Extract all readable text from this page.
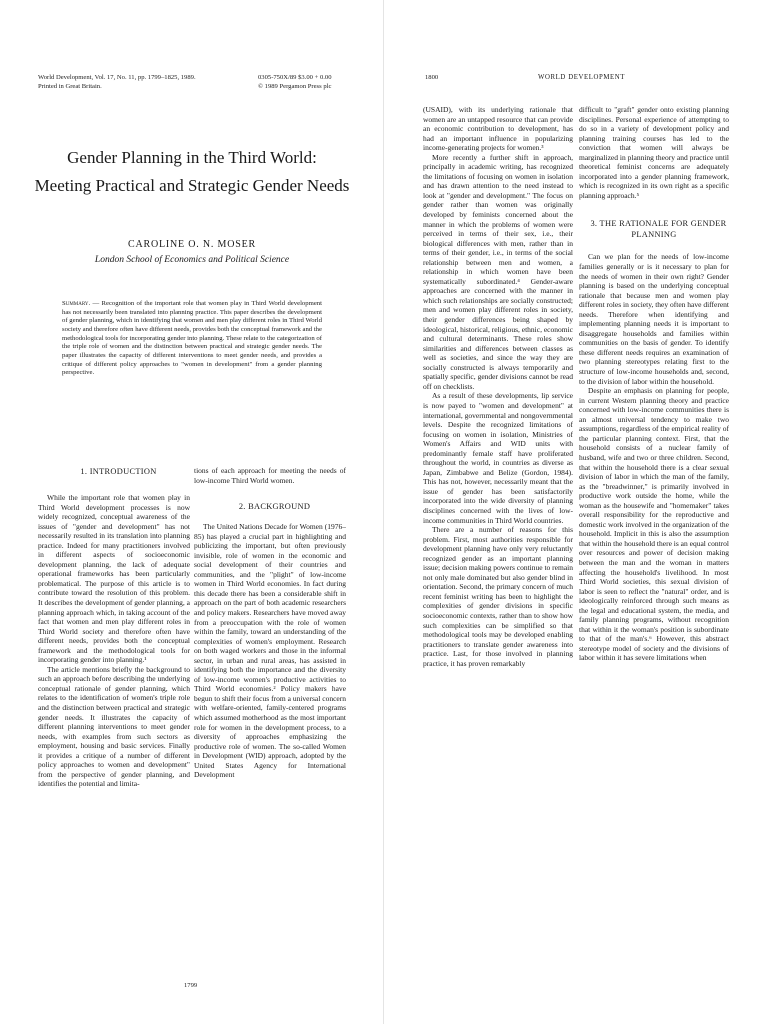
World Development, Vol. 17, No. 11, pp. 1799–1825, 1989.
Printed in Great Britain.
0305-750X/89 $3.00 + 0.00
© 1989 Pergamon Press plc
Gender Planning in the Third World:
Meeting Practical and Strategic Gender Needs
CAROLINE O. N. MOSER
London School of Economics and Political Science
Summary. — Recognition of the important role that women play in Third World development has not necessarily been translated into planning practice. This paper describes the development of gender planning, which in identifying that women and men play different roles in Third World society and therefore often have different needs, provides both the conceptual framework and the methodological tools for incorporating gender into planning. These relate to the categorization of the triple role of women and the distinction between practical and strategic gender needs. The paper illustrates the capacity of different interventions to meet gender needs, and provides a critique of different policy approaches to "women in development" from a gender planning perspective.

1. INTRODUCTION

While the important role that women play in Third World development processes is now widely recognized, conceptual awareness of the issues of "gender and development" has not necessarily resulted in its translation into planning practice. Indeed for many practitioners involved in different aspects of socioeconomic development planning, the lack of adequate operational frameworks has been particularly problematical. The purpose of this article is to contribute toward the resolution of this problem. It describes the development of gender planning, a planning approach which, in taking account of the fact that women and men play different roles in Third World society and therefore often have different needs, provides both the conceptual framework and the methodological tools for incorporating gender into planning.¹

The article mentions briefly the background to such an approach before describing the underlying conceptual rationale of gender planning, which relates to the identification of women's triple role and the distinction between practical and strategic gender needs. It illustrates the capacity of different planning interventions to meet gender needs, with examples from such sectors as employment, housing and basic services. Finally it provides a critique of a number of different policy approaches to women and development" from the perspective of gender planning, and identifies the potential and limita-

tions of each approach for meeting the needs of low-income Third World women.

2. BACKGROUND

The United Nations Decade for Women (1976–85) has played a crucial part in highlighting and publicizing the important, but often previously invisible, role of women in the economic and social development of their countries and communities, and the "plight" of low-income women in Third World economies. In fact during this decade there has been a considerable shift in approach on the part of both academic researchers and policy makers. Researchers have moved away from a preoccupation with the role of women within the family, toward an understanding of the complexities of women's employment. Research on both waged workers and those in the informal sector, in urban and rural areas, has assisted in identifying both the importance and the diversity of low-income women's productive activities to Third World economies.² Policy makers have begun to shift their focus from a universal concern with welfare-oriented, family-centered programs which assumed motherhood as the most important role for women in the development process, to a diversity of approaches emphasizing the productive role of women. The so-called Women in Development (WID) approach, adopted by the United States Agency for International Development

1799
1800	WORLD DEVELOPMENT

(USAID), with its underlying rationale that women are an untapped resource that can provide an economic contribution to development, has had an important influence in popularizing income-generating projects for women.³

More recently a further shift in approach, principally in academic writing, has recognized the limitations of focusing on women in isolation and has drawn attention to the need instead to look at "gender and development." The focus on gender rather than women was originally developed by feminists concerned about the manner in which the problems of women were perceived in terms of their sex, i.e., their biological differences with men, rather than in terms of their gender, i.e., in terms of the social relationship between men and women, a relationship in which women have been systematically subordinated.⁴ Gender-aware approaches are concerned with the manner in which such relationships are socially constructed; men and women play different roles in society, their gender differences being shaped by ideological, historical, religious, ethnic, economic and cultural determinants. These roles show similarities and differences between classes as well as societies, and since the way they are socially constructed is always temporarily and spatially specific, gender divisions cannot be read off on checklists.

As a result of these developments, lip service is now payed to "women and development" at international, governmental and nongovernmental levels. Despite the recognized limitations of focusing on women in isolation, Ministries of Women's Affairs and WID units with predominantly female staff have proliferated throughout the world, in countries as diverse as Japan, Zimbabwe and Belize (Gordon, 1984). This has not, however, necessarily meant that the issue of gender has been satisfactorily incorporated into the wide diversity of planning disciplines concerned with the lives of low-income communities in Third World countries.

There are a number of reasons for this problem. First, most authorities responsible for development planning have only very reluctantly recognized gender as an important planning issue; decision making powers continue to remain not only male dominated but also gender blind in orientation. Second, the primary concern of much recent feminist writing has been to highlight the complexities of gender divisions in specific socioeconomic contexts, rather than to show how such complexities can be simplified so that methodological tools may be developed enabling practitioners to translate gender awareness into practice. Last, for those involved in planning practice, it has proven remarkably

difficult to "graft" gender onto existing planning disciplines. Personal experience of attempting to do so in a variety of development policy and planning training courses has led to the conviction that women will always be marginalized in planning theory and practice until theoretical feminist concerns are adequately incorporated into a gender planning framework, which is recognized in its own right as a specific planning approach.⁵

3. THE RATIONALE FOR GENDER
PLANNING

Can we plan for the needs of low-income families generally or is it necessary to plan for the needs of women in their own right? Gender planning is based on the underlying conceptual rationale that because men and women play different roles in society, they often have different needs. Therefore when identifying and implementing planning needs it is important to disaggregate households and families within communities on the basis of gender. To identify these different needs requires an examination of two planning stereotypes relating first to the structure of low-income households and, second, to the division of labor within the household.

Despite an emphasis on planning for people, in current Western planning theory and practice concerned with low-income communities there is an almost universal tendency to make two assumptions, regardless of the empirical reality of the particular planning context. First, that the household consists of a nuclear family of husband, wife and two or three children. Second, that within the household there is a clear sexual division of labor in which the man of the family, as the "breadwinner," is primarily involved in productive work outside the home, while the woman as the housewife and "homemaker" takes overall responsibility for the reproductive and domestic work involved in the organization of the household. Implicit in this is also the assumption that within the household there is an equal control over resources and power of decision making between the man and the woman in matters affecting the household's livelihood. In most Third World societies, this sexual division of labor is seen to reflect the "natural" order, and is ideologically reinforced through such means as the legal and educational system, the media, and family planning programs, without recognition that within it the woman's position is subordinate to that of the man's.⁶ However, this abstract stereotype model of society and the divisions of labor within it has severe limitations when
